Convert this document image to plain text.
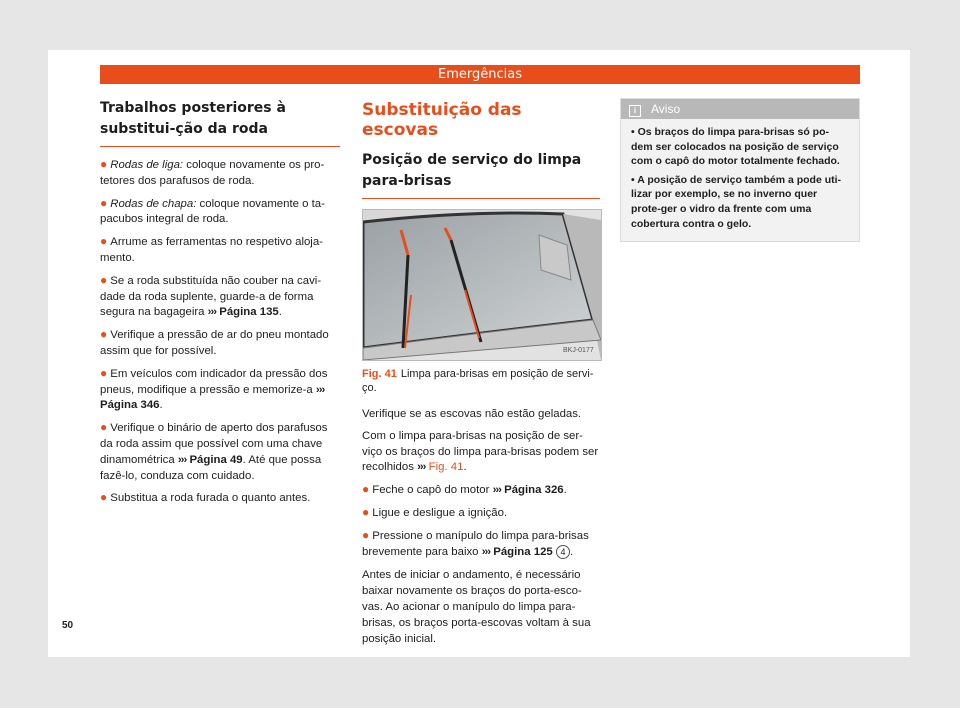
Emergências
Trabalhos posteriores à substitui-ção da roda

● Rodas de liga: coloque novamente os pro-tetores dos parafusos de roda.

● Rodas de chapa: coloque novamente o ta-pacubos integral de roda.

● Arrume as ferramentas no respetivo aloja-mento.

● Se a roda substituída não couber na cavi-dade da roda suplente, guarde-a de forma segura na bagageira ››› Página 135.

● Verifique a pressão de ar do pneu montado assim que for possível.

● Em veículos com indicador da pressão dos pneus, modifique a pressão e memorize-a ››› Página 346.

● Verifique o binário de aperto dos parafusos da roda assim que possível com uma chave dinamométrica ››› Página 49. Até que possa fazê-lo, conduza com cuidado.

● Substitua a roda furada o quanto antes.

Substituição das escovas
Posição de serviço do limpa para-brisas
BKJ-0177
Fig. 41 Limpa para-brisas em posição de servi-ço.

Verifique se as escovas não estão geladas.

Com o limpa para-brisas na posição de ser-viço os braços do limpa para-brisas podem ser recolhidos ››› Fig. 41.

● Feche o capô do motor ››› Página 326.

● Ligue e desligue a ignição.

● Pressione o manípulo do limpa para-brisas brevemente para baixo ››› Página 125 4 .

Antes de iniciar o andamento, é necessário baixar novamente os braços do porta-esco-vas. Ao acionar o manípulo do limpa para-brisas, os braços porta-escovas voltam à sua posição inicial.

i Aviso

• Os braços do limpa para-brisas só po-dem ser colocados na posição de serviço com o capô do motor totalmente fechado.

• A posição de serviço também a pode uti-lizar por exemplo, se no inverno quer prote-ger o vidro da frente com uma cobertura contra o gelo.

50
